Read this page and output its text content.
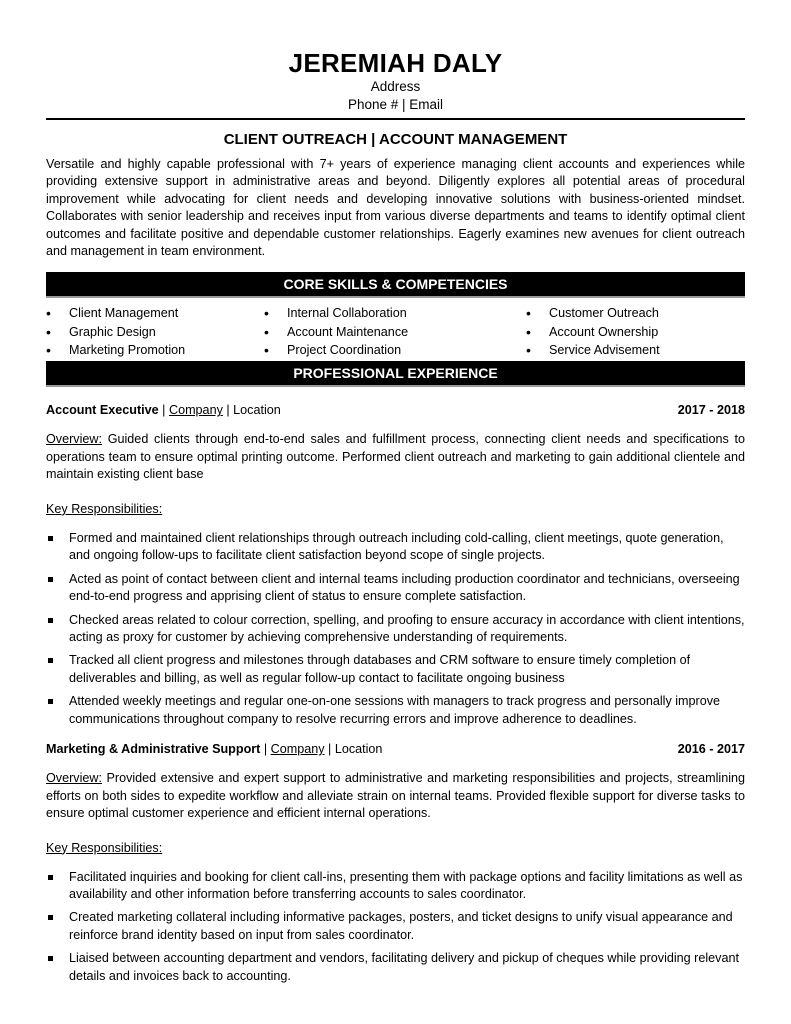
JEREMIAH DALY
Address
Phone # | Email
CLIENT OUTREACH | ACCOUNT MANAGEMENT
Versatile and highly capable professional with 7+ years of experience managing client accounts and experiences while providing extensive support in administrative areas and beyond. Diligently explores all potential areas of procedural improvement while advocating for client needs and developing innovative solutions with business-oriented mindset. Collaborates with senior leadership and receives input from various diverse departments and teams to identify optimal client outcomes and facilitate positive and dependable customer relationships. Eagerly examines new avenues for client outreach and management in team environment.
CORE SKILLS & COMPETENCIES
• Client Management
• Graphic Design
• Marketing Promotion
• Internal Collaboration
• Account Maintenance
• Project Coordination
• Customer Outreach
• Account Ownership
• Service Advisement
PROFESSIONAL EXPERIENCE
Account Executive | Company | Location	2017 - 2018
Overview: Guided clients through end-to-end sales and fulfillment process, connecting client needs and specifications to operations team to ensure optimal printing outcome. Performed client outreach and marketing to gain additional clientele and maintain existing client base
Key Responsibilities:
Formed and maintained client relationships through outreach including cold-calling, client meetings, quote generation, and ongoing follow-ups to facilitate client satisfaction beyond scope of single projects.
Acted as point of contact between client and internal teams including production coordinator and technicians, overseeing end-to-end progress and apprising client of status to ensure complete satisfaction.
Checked areas related to colour correction, spelling, and proofing to ensure accuracy in accordance with client intentions, acting as proxy for customer by achieving comprehensive understanding of requirements.
Tracked all client progress and milestones through databases and CRM software to ensure timely completion of deliverables and billing, as well as regular follow-up contact to facilitate ongoing business
Attended weekly meetings and regular one-on-one sessions with managers to track progress and personally improve communications throughout company to resolve recurring errors and improve adherence to deadlines.
Marketing & Administrative Support | Company | Location	2016 - 2017
Overview: Provided extensive and expert support to administrative and marketing responsibilities and projects, streamlining efforts on both sides to expedite workflow and alleviate strain on internal teams. Provided flexible support for diverse tasks to ensure optimal customer experience and efficient internal operations.
Key Responsibilities:
Facilitated inquiries and booking for client call-ins, presenting them with package options and facility limitations as well as availability and other information before transferring accounts to sales coordinator.
Created marketing collateral including informative packages, posters, and ticket designs to unify visual appearance and reinforce brand identity based on input from sales coordinator.
Liaised between accounting department and vendors, facilitating delivery and pickup of cheques while providing relevant details and invoices back to accounting.
